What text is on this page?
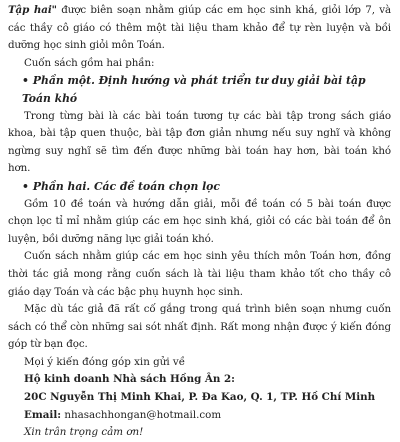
Tập hai" được biên soạn nhằm giúp các em học sinh khá, giỏi lớp 7, và các thầy cô giáo có thêm một tài liệu tham khảo để tự rèn luyện và bồi dưỡng học sinh giỏi môn Toán.

Cuốn sách gồm hai phần:

• Phần một. Định hướng và phát triển tư duy giải bài tập Toán khó

Trong từng bài là các bài toán tương tự các bài tập trong sách giáo khoa, bài tập quen thuộc, bài tập đơn giản nhưng nếu suy nghĩ và không ngừng suy nghĩ sẽ tìm đến được những bài toán hay hơn, bài toán khó hơn.

• Phần hai. Các đề toán chọn lọc

Gồm 10 đề toán và hướng dẫn giải, mỗi đề toán có 5 bài toán được chọn lọc tỉ mỉ nhằm giúp các em học sinh khá, giỏi có các bài toán để ôn luyện, bồi dưỡng năng lực giải toán khó.

Cuốn sách nhằm giúp các em học sinh yêu thích môn Toán hơn, đồng thời tác giả mong rằng cuốn sách là tài liệu tham khảo tốt cho thầy cô giáo dạy Toán và các bậc phụ huynh học sinh.

Mặc dù tác giả đã rất cố gắng trong quá trình biên soạn nhưng cuốn sách có thể còn những sai sót nhất định. Rất mong nhận được ý kiến đóng góp từ bạn đọc.

Mọi ý kiến đóng góp xin gửi về

Hộ kinh doanh Nhà sách Hồng Ân 2:

20C Nguyễn Thị Minh Khai, P. Đa Kao, Q. 1, TP. Hồ Chí Minh

Email: nhasachhongan@hotmail.com

Xin trân trọng cảm ơn!
